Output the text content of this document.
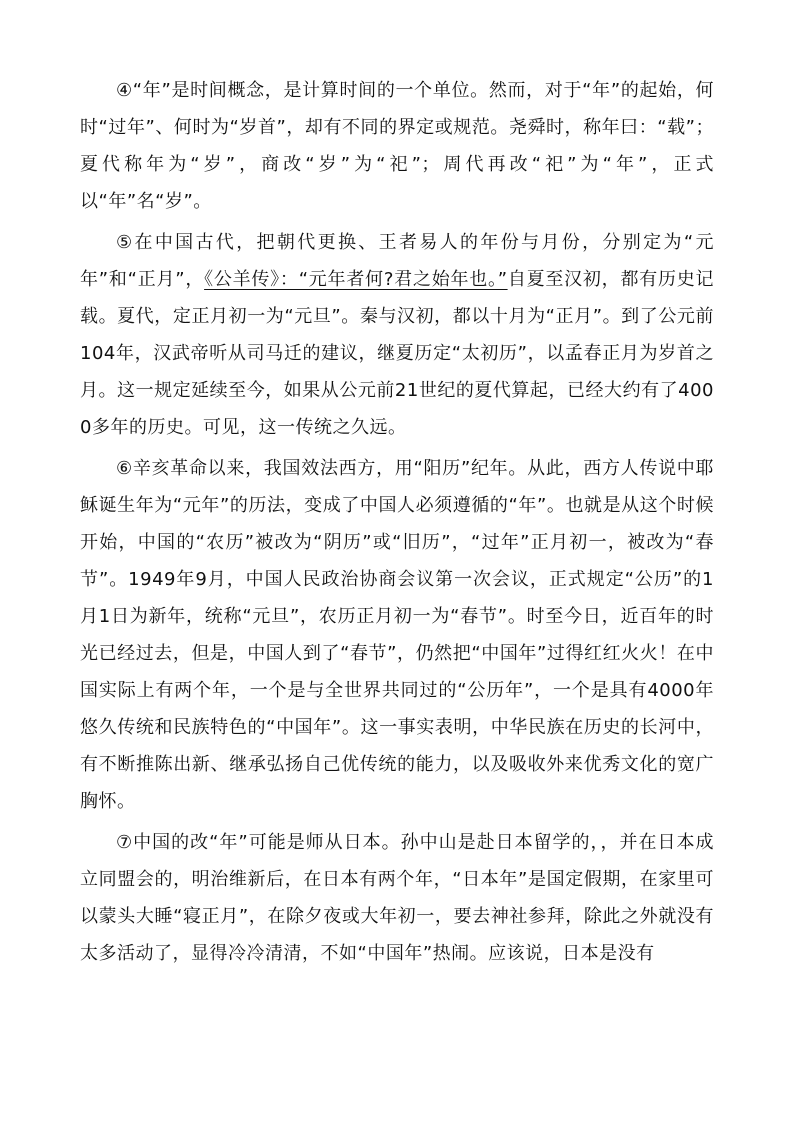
④“年”是时间概念，是计算时间的一个单位。然而，对于“年”的起始，何时“过年”、何时为“岁首”，却有不同的界定或规范。尧舜时，称年曰：“载”；夏代称年为“岁”，商改“岁”为“祀”；周代再改“祀”为“年”，正式以“年”名“岁”。

⑤在中国古代，把朝代更换、王者易人的年份与月份，分别定为“元年”和“正月”，《公羊传》：“元年者何?君之始年也。”自夏至汉初，都有历史记载。夏代，定正月初一为“元旦”。秦与汉初，都以十月为“正月”。到了公元前104年，汉武帝听从司马迁的建议，继夏历定“太初历”，以孟春正月为岁首之月。这一规定延续至今，如果从公元前21世纪的夏代算起，已经大约有了4000多年的历史。可见，这一传统之久远。

⑥辛亥革命以来，我国效法西方，用“阳历”纪年。从此，西方人传说中耶稣诞生年为“元年”的历法，变成了中国人必须遵循的“年”。也就是从这个时候开始，中国的“农历”被改为“阴历”或“旧历”，“过年”正月初一，被改为“春节”。1949年9月，中国人民政治协商会议第一次会议，正式规定“公历”的1月1日为新年，统称“元旦”，农历正月初一为“春节”。时至今日，近百年的时光已经过去，但是，中国人到了“春节”，仍然把“中国年”过得红红火火！在中国实际上有两个年，一个是与全世界共同过的“公历年”，一个是具有4000年悠久传统和民族特色的“中国年”。这一事实表明，中华民族在历史的长河中，有不断推陈出新、继承弘扬自己优传统的能力，以及吸收外来优秀文化的宽广胸怀。

⑦中国的改“年”可能是师从日本。孙中山是赴日本留学的，，并在日本成立同盟会的，明治维新后，在日本有两个年，“日本年”是国定假期，在家里可以蒙头大睡“寝正月”，在除夕夜或大年初一，要去神社参拜，除此之外就没有太多活动了，显得冷冷清清，不如“中国年”热闹。应该说，日本是没有
